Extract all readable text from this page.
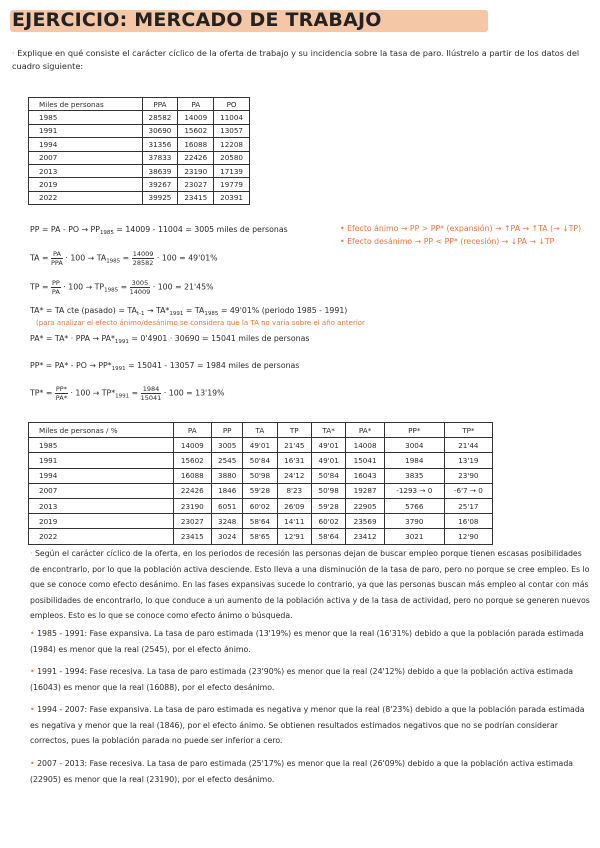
EJERCICIO: MERCADO DE TRABAJO
· Explique en qué consiste el carácter cíclico de la oferta de trabajo y su incidencia sobre la tasa de paro. Ilústrelo a partir de los datos del cuadro siguiente:
Miles de personas	PPA	PA	PO
1985	28582	14009	11004
1991	30690	15602	13057
1994	31356	16088	12208
2007	37833	22426	20580
2013	38639	23190	17139
2019	39267	23027	19779
2022	39925	23415	20391
• Efecto ánimo → PP > PP* (expansión) → ↑PA → ↑TA (→ ↓TP)
• Efecto desánimo → PP < PP* (recesión) → ↓PA → ↓TP
PP = PA - PO → $PP_{1985} = 14009 - 11004 = 3005$ miles de personas
TA = $\frac{PA}{\text{PPA}} \cdot 100 \to TA_{1985} = \frac{14009}{28582} \cdot 100 = 49'01\%$
TP = $\frac{PP}{PA} \cdot 100 \to TP_{1985} = \frac{3005}{14009} \cdot 100 = 21'45\%$
TA* = TA cte (pasado) = $TA_{t-1} \to TA*_{1991} = TA_{1985} = 49'01\%$ (periodo 1985 - 1991)
(para analizar el efecto ánimo/desánimo se considera que la TA no varía sobre el año anterior
PA* = TA* · PPA → $PA*_{1991} = 0'4901 \cdot 30690 = 15041$ miles de personas
PP* = PA* - PO → $PP*_{1991} = 15041 - 13057 = 1984$ miles de personas
$TP* = \frac{PP*}{PA*} \cdot 100 \to TP*_{1991} = \frac{1984}{15041} \cdot 100 = 13'19\%$
Miles de personas / %	PA	PP	TA	TP	TA*	PA*	PP*	TP*
1985	14009	3005	49'01	21'45	49'01	14008	3004	21'44
1991	15602	2545	50'84	16'31	49'01	15041	1984	13'19
1994	16088	3880	50'98	24'12	50'84	16043	3835	23'90
2007	22426	1846	59'28	8'23	50'98	19287	-1293 → 0	-6'7 → 0
2013	23190	6051	60'02	26'09	59'28	22905	5766	25'17
2019	23027	3248	58'64	14'11	60'02	23569	3790	16'08
2022	23415	3024	58'65	12'91	58'64	23412	3021	12'90
· Según el carácter cíclico de la oferta, en los periodos de recesión las personas dejan de buscar empleo porque tienen escasas posibilidades de encontrarlo, por lo que la población activa desciende. Esto lleva a una disminución de la tasa de paro, pero no porque se cree empleo. Es lo que se conoce como efecto desánimo. En las fases expansivas sucede lo contrario, ya que las personas buscan más empleo al contar con más posibilidades de encontrarlo, lo que conduce a un aumento de la población activa y de la tasa de actividad, pero no porque se generen nuevos empleos. Esto es lo que se conoce como efecto ánimo o búsqueda.
• 1985 - 1991: Fase expansiva. La tasa de paro estimada (13'19%) es menor que la real (16'31%) debido a que la población parada estimada (1984) es menor que la real (2545), por el efecto ánimo.
• 1991 - 1994: Fase recesiva. La tasa de paro estimada (23'90%) es menor que la real (24'12%) debido a que la población activa estimada (16043) es menor que la real (16088), por el efecto desánimo.
• 1994 - 2007: Fase expansiva. La tasa de paro estimada es negativa y menor que la real (8'23%) debido a que la población parada estimada es negativa y menor que la real (1846), por el efecto ánimo. Se obtienen resultados estimados negativos que no se podrían considerar correctos, pues la población parada no puede ser inferior a cero.
• 2007 - 2013: Fase recesiva. La tasa de paro estimada (25'17%) es menor que la real (26'09%) debido a que la población activa estimada (22905) es menor que la real (23190), por el efecto desánimo.
